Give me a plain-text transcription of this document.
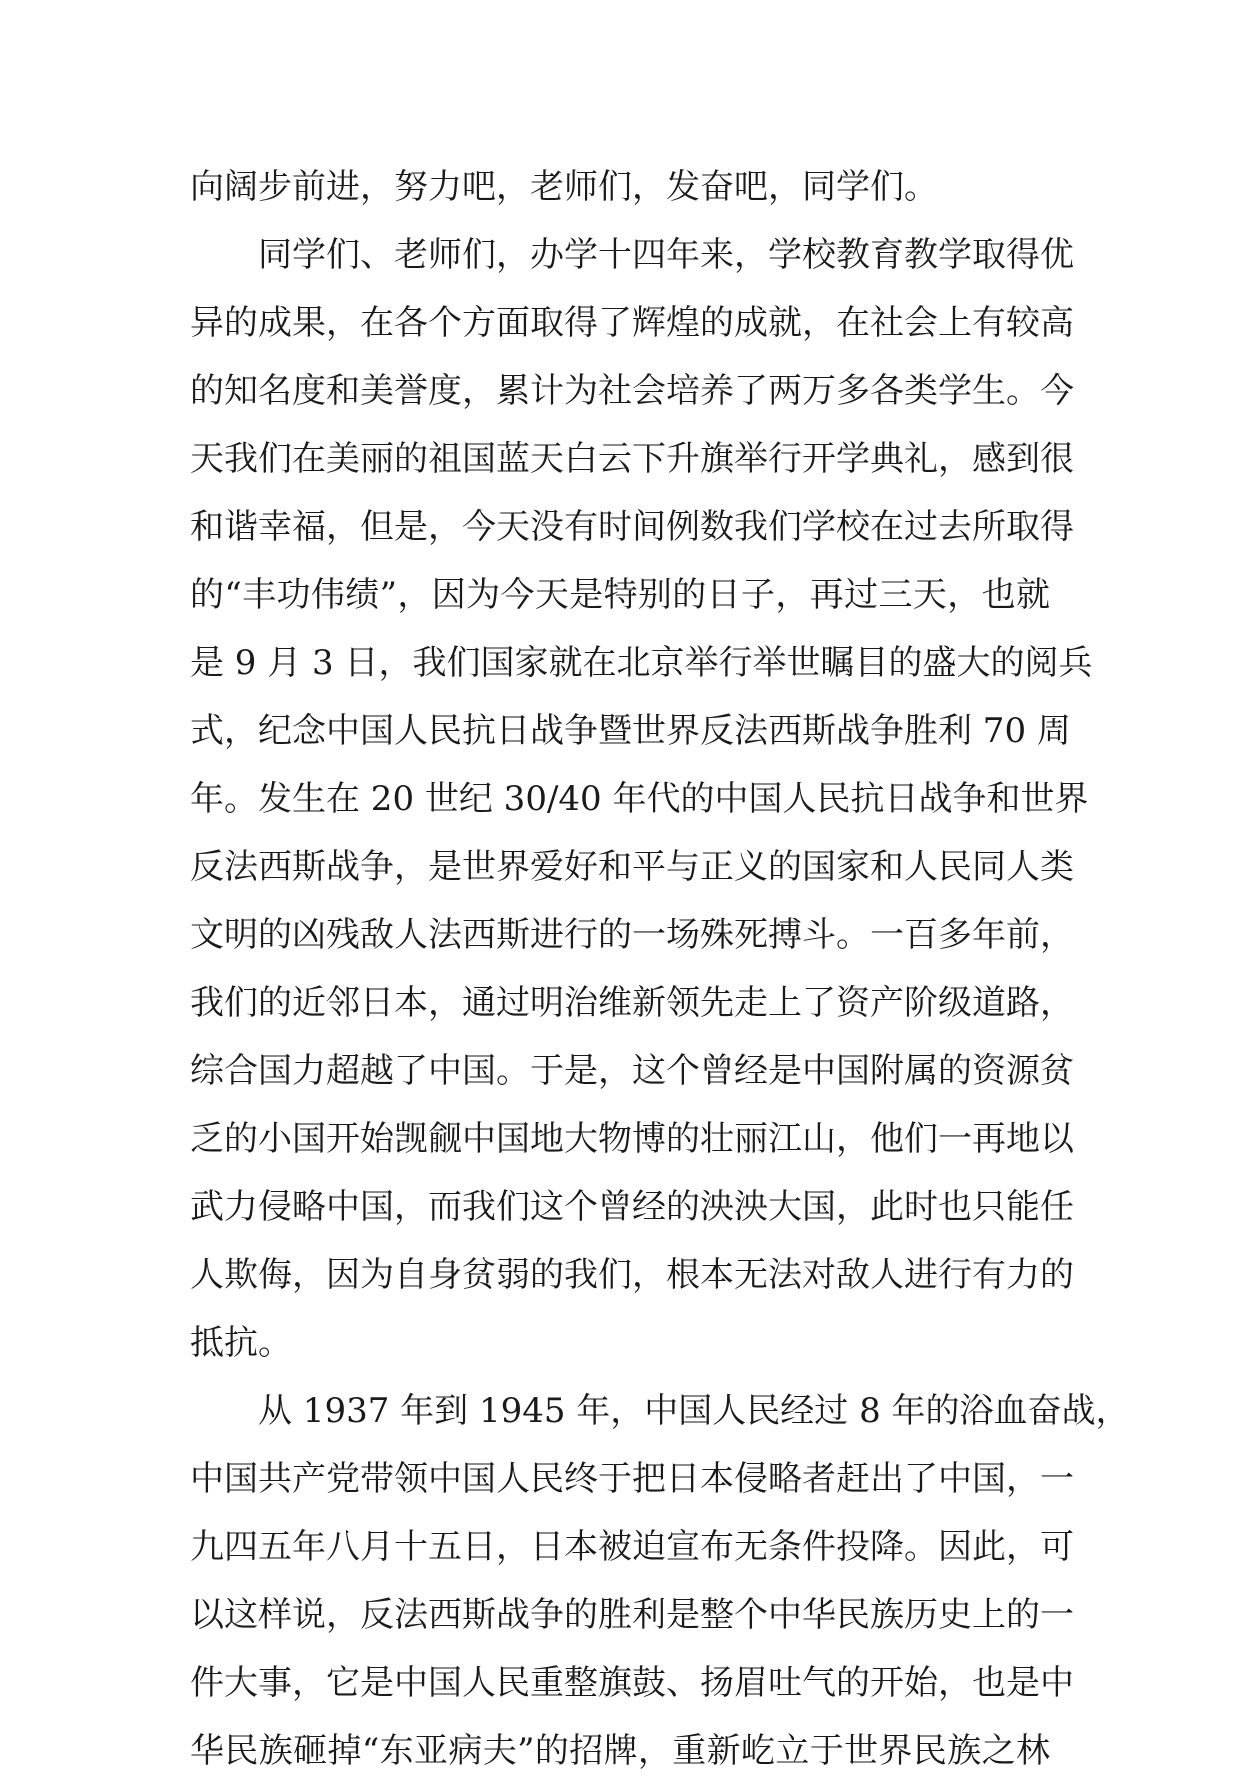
向阔步前进，努力吧，老师们，发奋吧，同学们。
同学们、老师们，办学十四年来，学校教育教学取得优
异的成果，在各个方面取得了辉煌的成就，在社会上有较高
的知名度和美誉度，累计为社会培养了两万多各类学生。今
天我们在美丽的祖国蓝天白云下升旗举行开学典礼，感到很
和谐幸福，但是，今天没有时间例数我们学校在过去所取得
的“丰功伟绩”，因为今天是特别的日子，再过三天，也就
是 9 月 3 日，我们国家就在北京举行举世瞩目的盛大的阅兵
式，纪念中国人民抗日战争暨世界反法西斯战争胜利 70 周
年。发生在 20 世纪 30/40 年代的中国人民抗日战争和世界
反法西斯战争，是世界爱好和平与正义的国家和人民同人类
文明的凶残敌人法西斯进行的一场殊死搏斗。一百多年前，
我们的近邻日本，通过明治维新领先走上了资产阶级道路，
综合国力超越了中国。于是，这个曾经是中国附属的资源贫
乏的小国开始觊觎中国地大物博的壮丽江山，他们一再地以
武力侵略中国，而我们这个曾经的泱泱大国，此时也只能任
人欺侮，因为自身贫弱的我们，根本无法对敌人进行有力的
抵抗。
从 1937 年到 1945 年，中国人民经过 8 年的浴血奋战，
中国共产党带领中国人民终于把日本侵略者赶出了中国，一
九四五年八月十五日，日本被迫宣布无条件投降。因此，可
以这样说，反法西斯战争的胜利是整个中华民族历史上的一
件大事，它是中国人民重整旗鼓、扬眉吐气的开始，也是中
华民族砸掉“东亚病夫”的招牌，重新屹立于世界民族之林
